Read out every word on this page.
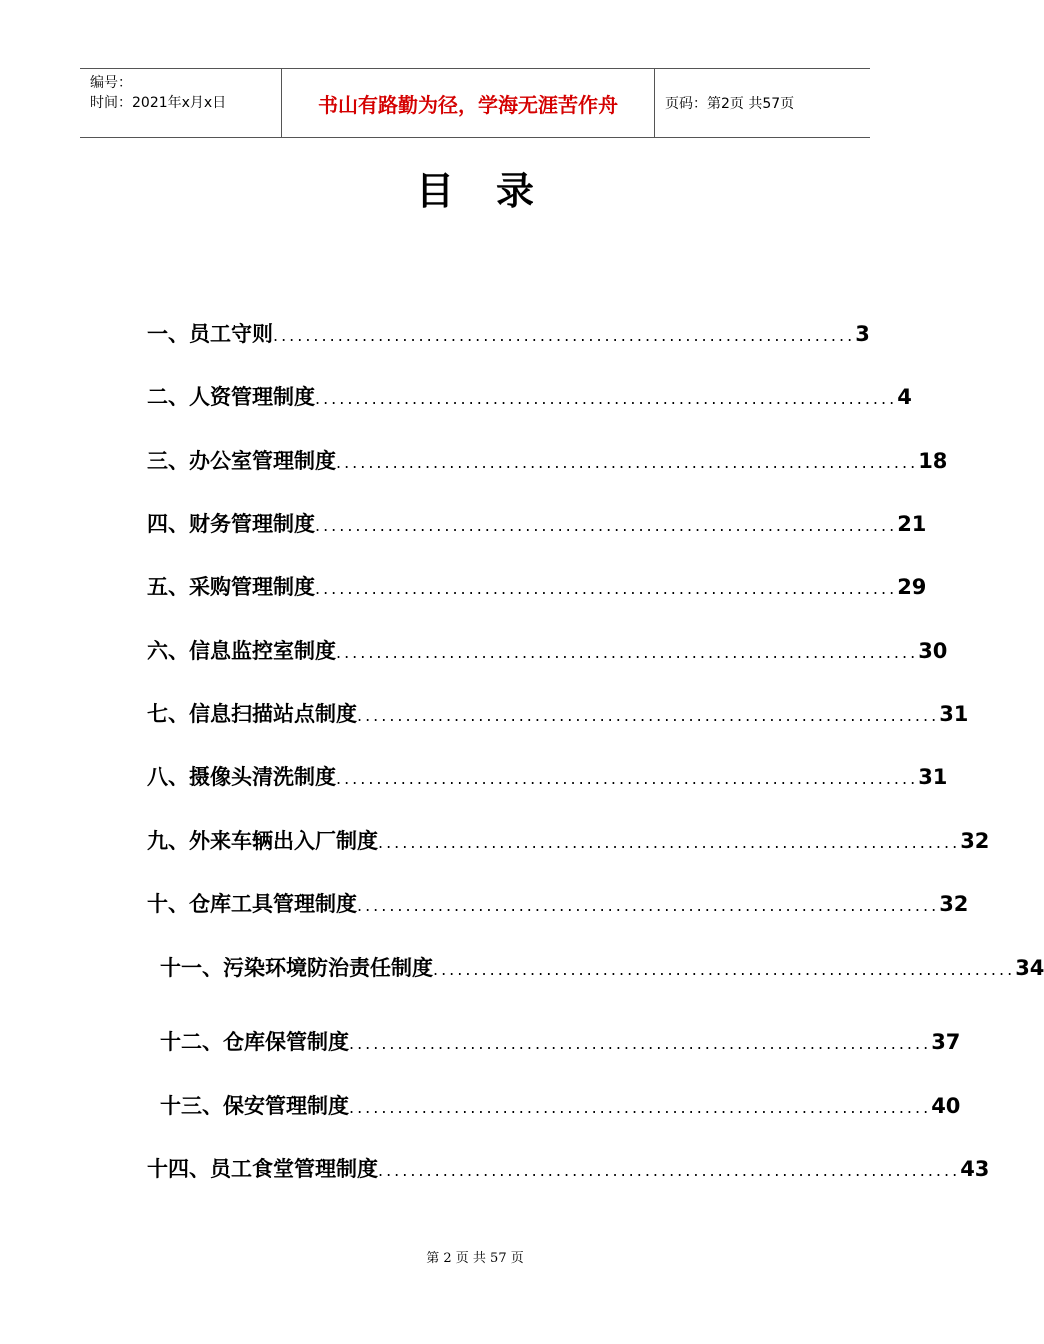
编号：
时间：2021年x月x日	书山有路勤为径，学海无涯苦作舟	页码：第2页 共57页
目录
一、员工守则 ........................................................................ 3
二、人资管理制度 ........................................................................ 4
三、办公室管理制度 ........................................................................ 18
四、财务管理制度 ........................................................................ 21
五、采购管理制度 ........................................................................ 29
六、信息监控室制度 ........................................................................ 30
七、信息扫描站点制度 ........................................................................ 31
八、摄像头清洗制度 ........................................................................ 31
九、外来车辆出入厂制度 ........................................................................ 32
十、仓库工具管理制度 ........................................................................ 32
十一、污染环境防治责任制度 ........................................................................ 34
十二、仓库保管制度 ........................................................................ 37
十三、保安管理制度 ........................................................................ 40
十四、员工食堂管理制度 ........................................................................ 43
第 2 页 共 57 页
